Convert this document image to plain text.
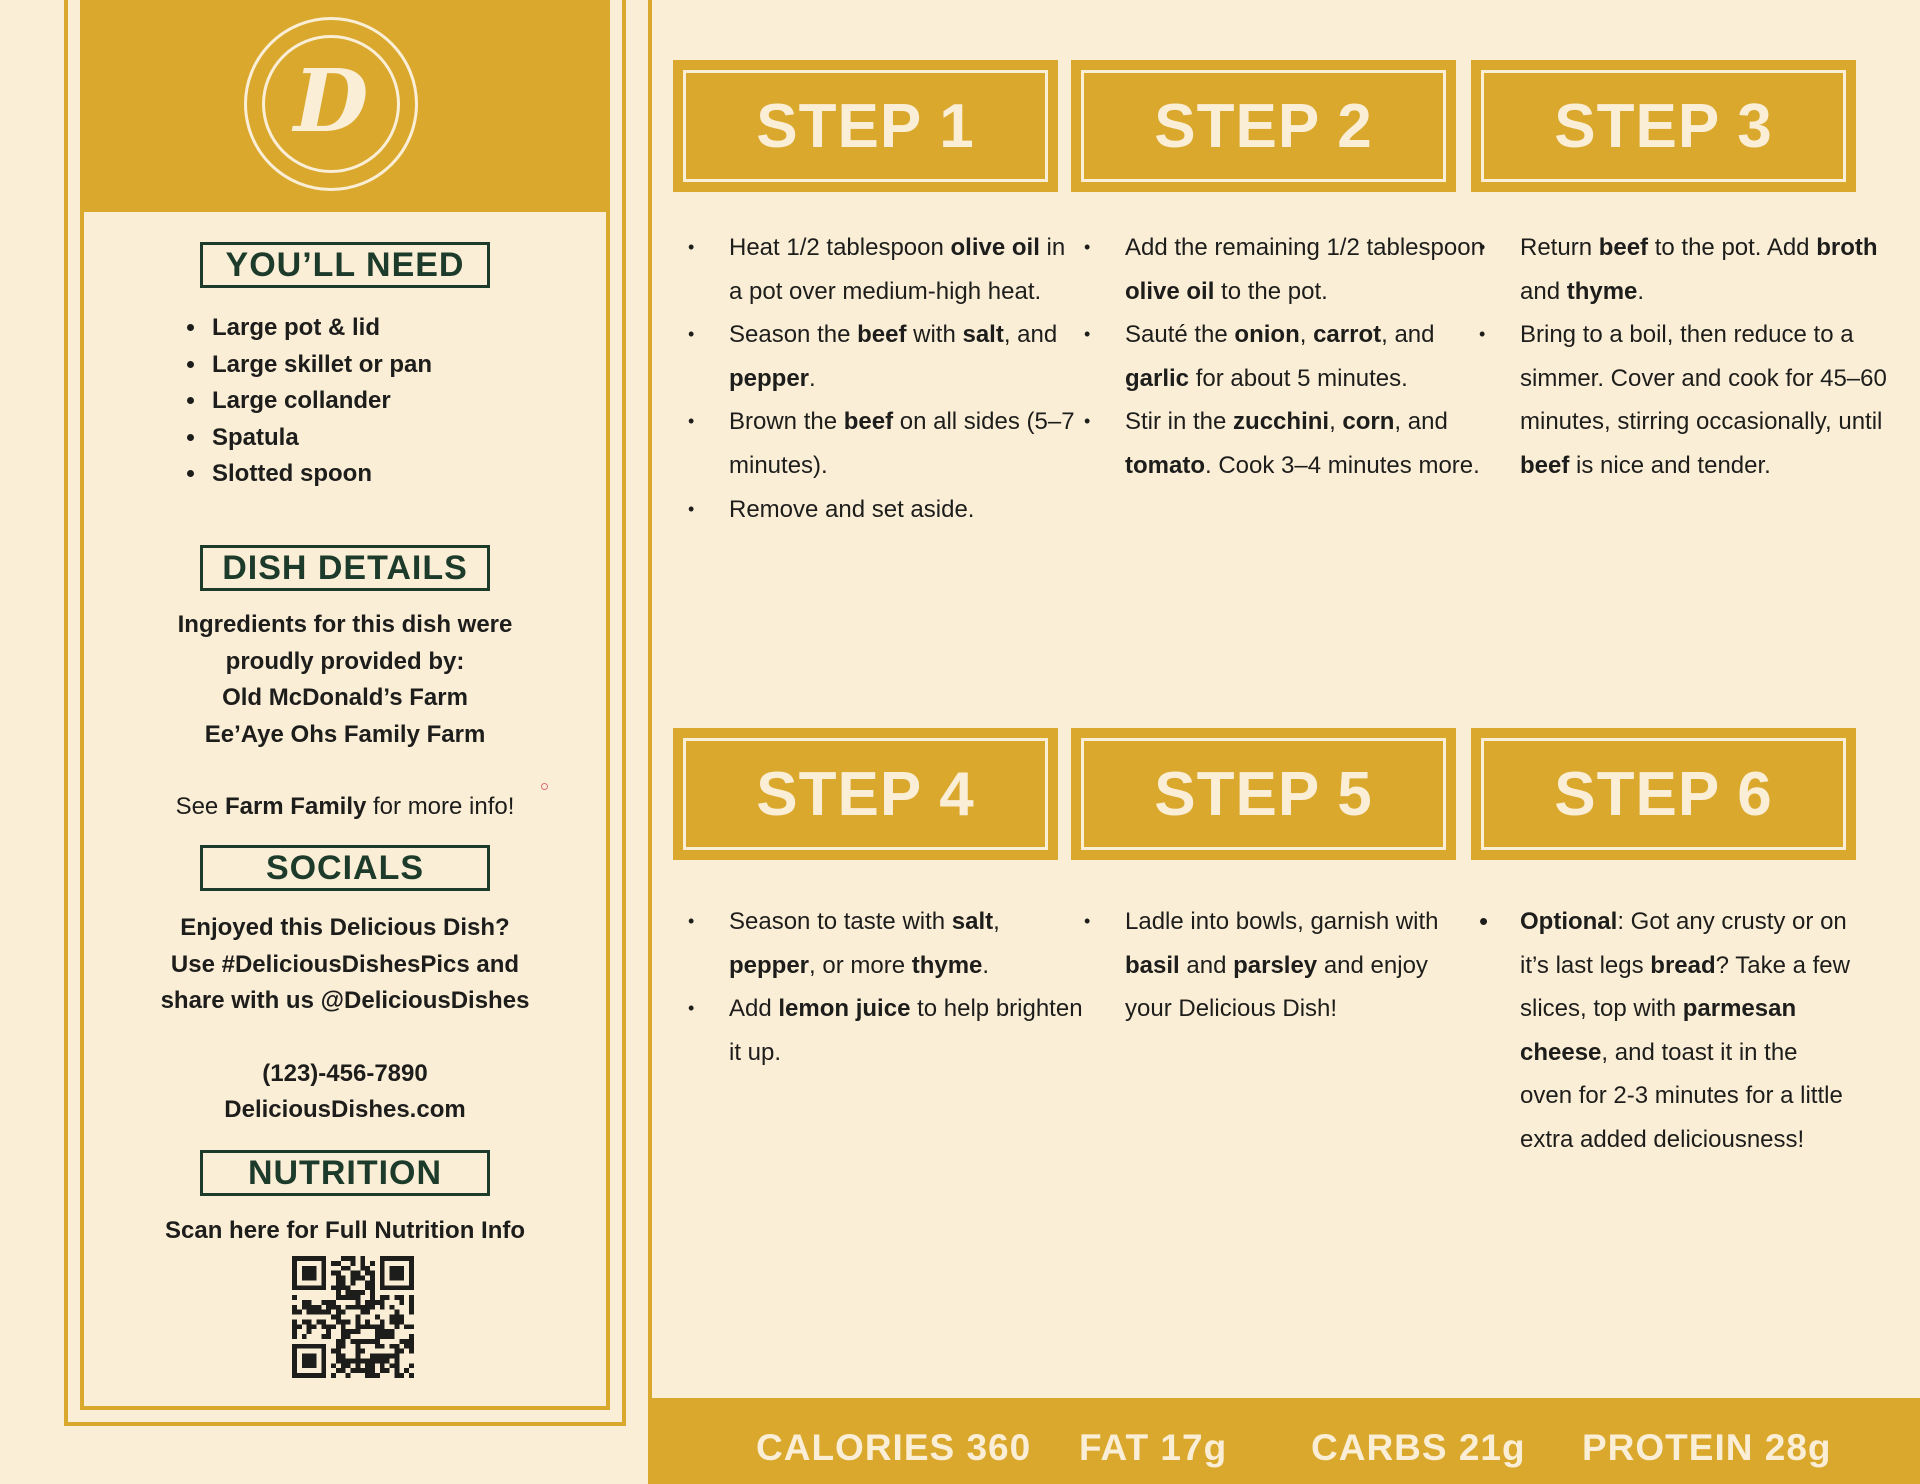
D
YOU’LL NEED
• Large pot & lid
• Large skillet or pan
• Large collander
• Spatula
• Slotted spoon
DISH DETAILS
Ingredients for this dish were
proudly provided by:
Old McDonald’s Farm
Ee’Aye Ohs Family Farm
See Farm Family for more info!
SOCIALS
Enjoyed this Delicious Dish?
Use #DeliciousDishesPics and
share with us @DeliciousDishes
(123)-456-7890
DeliciousDishes.com
NUTRITION
Scan here for Full Nutrition Info
STEP 1	STEP 2	STEP 3
STEP 4	STEP 5	STEP 6
• Heat 1/2 tablespoon olive oil in a pot over medium-high heat.
• Season the beef with salt, and pepper.
• Brown the beef on all sides (5–7 minutes).
• Remove and set aside.
• Add the remaining 1/2 tablespoon olive oil to the pot.
• Sauté the onion, carrot, and garlic for about 5 minutes.
• Stir in the zucchini, corn, and tomato. Cook 3–4 minutes more.
• Return beef to the pot. Add broth and thyme.
• Bring to a boil, then reduce to a simmer. Cover and cook for 45–60 minutes, stirring occasionally, until beef is nice and tender.
• Season to taste with salt, pepper, or more thyme.
• Add lemon juice to help brighten it up.
• Ladle into bowls, garnish with basil and parsley and enjoy your Delicious Dish!
• Optional: Got any crusty or on it’s last legs bread? Take a few slices, top with parmesan cheese, and toast it in the oven for 2-3 minutes for a little extra added deliciousness!
CALORIES 360 FAT 17g CARBS 21g PROTEIN 28g
